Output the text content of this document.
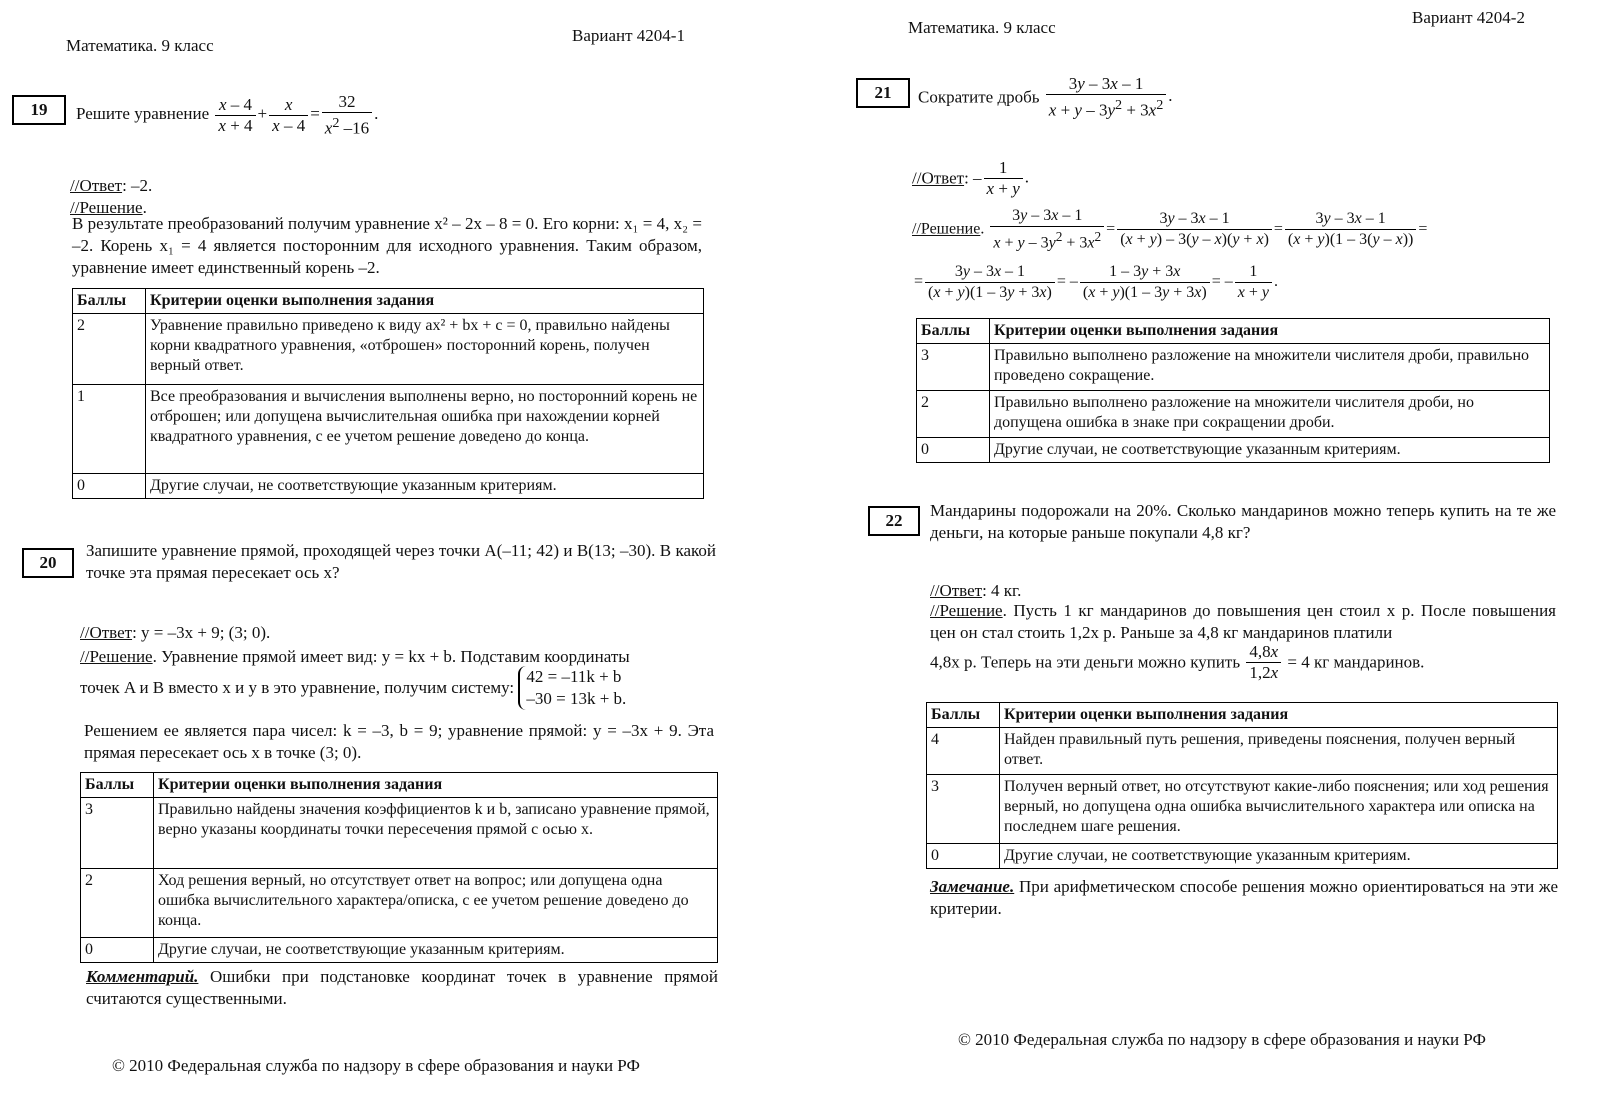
Математика. 9 класс
Вариант 4204-1
19	Решите уравнение $\frac{x - 4}{x + 4} + \frac{x}{x - 4} = \frac{32}{x^2 -16}$ .
//Ответ: –2.
//Решение.
В результате преобразований получим уравнение x² – 2x – 8 = 0. Его корни: x₁ = 4, x₂ = –2. Корень x₁ = 4 является посторонним для исходного уравнения. Таким образом, уравнение имеет единственный корень –2.
Баллы	Критерии оценки выполнения задания
2	Уравнение правильно приведено к виду ax² + bx + c = 0, правильно найдены корни квадратного уравнения, «отброшен» посторонний корень, получен верный ответ.
1	Все преобразования и вычисления выполнены верно, но посторонний корень не отброшен; или допущена вычислительная ошибка при нахождении корней квадратного уравнения, с ее учетом решение доведено до конца.
0	Другие случаи, не соответствующие указанным критериям.
20
Запишите уравнение прямой, проходящей через точки A(–11; 42) и B(13; –30). В какой точке эта прямая пересекает ось x?
//Ответ: y = –3x + 9; (3; 0).
//Решение. Уравнение прямой имеет вид: y = kx + b. Подставим координаты
точек A и B вместо x и y в это уравнение, получим систему:
42 = –11k + b
–30 = 13k + b.
Решением ее является пара чисел: k = –3, b = 9; уравнение прямой: y = –3x + 9. Эта прямая пересекает ось x в точке (3; 0).
Баллы	Критерии оценки выполнения задания
3	Правильно найдены значения коэффициентов k и b, записано уравнение прямой, верно указаны координаты точки пересечения прямой с осью x.
2	Ход решения верный, но отсутствует ответ на вопрос; или допущена одна ошибка вычислительного характера/описка, с ее учетом решение доведено до конца.
0	Другие случаи, не соответствующие указанным критериям.
Комментарий. Ошибки при подстановке координат точек в уравнение прямой считаются существенными.
© 2010 Федеральная служба по надзору в сфере образования и науки РФ
Математика. 9 класс
Вариант 4204-2
21	Сократите дробь $\frac{3y - 3x - 1}{x + y - 3y^2 + 3x^2}$ .
//Ответ: – $\frac{1}{x + y}$ .
//Решение. $\frac{3y - 3x - 1}{x + y - 3y^2 + 3x^2} = \frac{3y - 3x - 1}{(x + y) - 3(y - x)(y + x)} = \frac{3y - 3x - 1}{(x + y)(1 - 3(y - x))}$ =
= $\frac{3y - 3x - 1}{(x + y)(1 - 3y + 3x)}$ = – $\frac{1 - 3y + 3x}{(x + y)(1 - 3y + 3x)}$ = – $\frac{1}{x + y}$ .
Баллы	Критерии оценки выполнения задания
3	Правильно выполнено разложение на множители числителя дроби, правильно проведено сокращение.
2	Правильно выполнено разложение на множители числителя дроби, но допущена ошибка в знаке при сокращении дроби.
0	Другие случаи, не соответствующие указанным критериям.
22
Мандарины подорожали на 20%. Сколько мандаринов можно теперь купить на те же деньги, на которые раньше покупали 4,8 кг?
//Ответ: 4 кг.
//Решение. Пусть 1 кг мандаринов до повышения цен стоил x р. После повышения цен он стал стоить 1,2x р. Раньше за 4,8 кг мандаринов платили
4,8x р. Теперь на эти деньги можно купить $\frac{4,8x}{1,2x} = 4$ кг мандаринов.
Баллы	Критерии оценки выполнения задания
4	Найден правильный путь решения, приведены пояснения, получен верный ответ.
3	Получен верный ответ, но отсутствуют какие-либо пояснения; или ход решения верный, но допущена одна ошибка вычислительного характера или описка на последнем шаге решения.
0	Другие случаи, не соответствующие указанным критериям.
Замечание. При арифметическом способе решения можно ориентироваться на эти же критерии.
© 2010 Федеральная служба по надзору в сфере образования и науки РФ
